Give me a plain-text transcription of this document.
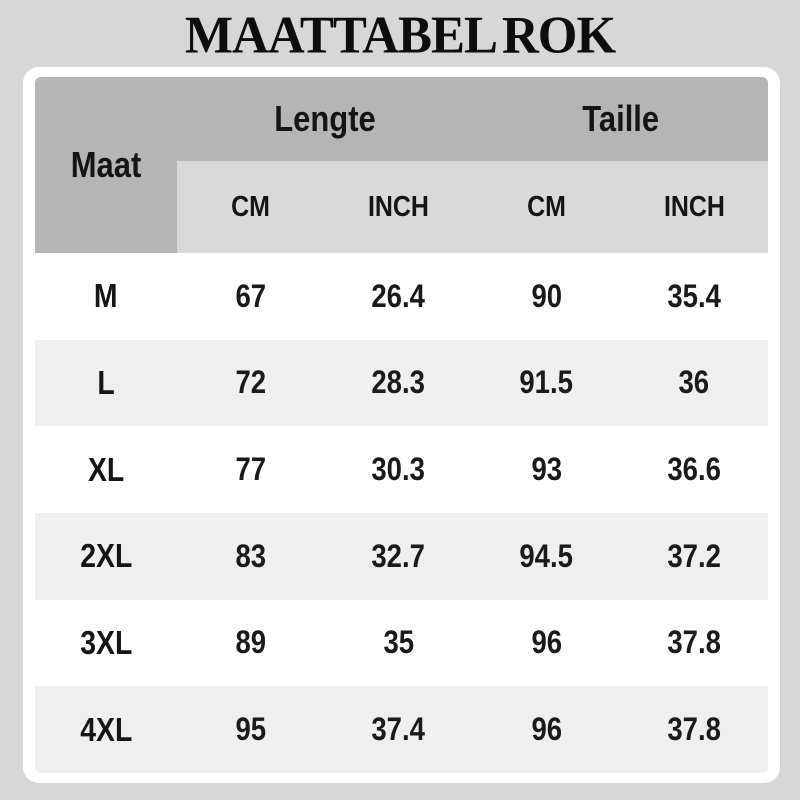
MAATTABEL ROK
Maat
Lengte	Taille
CM	INCH	CM	INCH
M	67	26.4	90	35.4
L	72	28.3	91.5	36
XL	77	30.3	93	36.6
2XL	83	32.7	94.5	37.2
3XL	89	35	96	37.8
4XL	95	37.4	96	37.8
